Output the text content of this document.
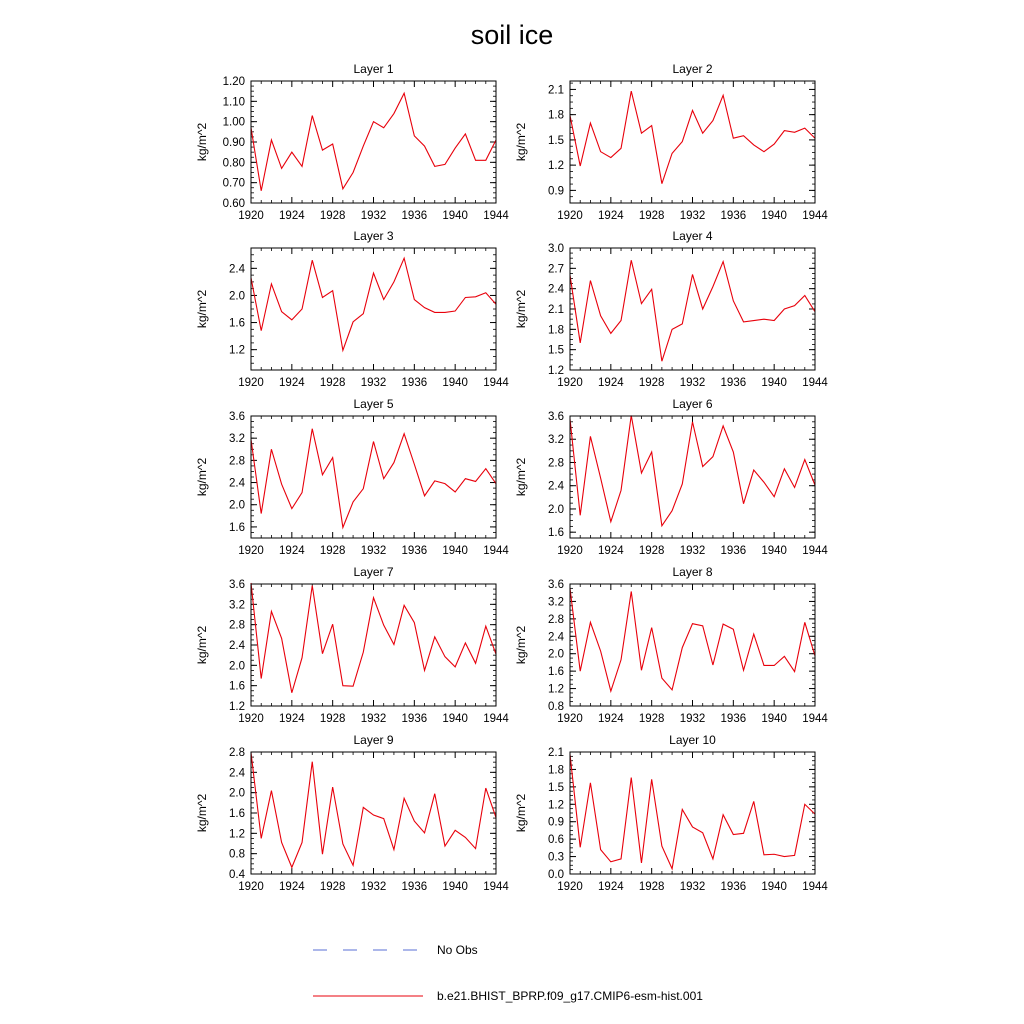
soil ice
Layer 1
1920 1924 1928 1932 1936 1940 1944
0.60
0.70
0.80
0.90
1.00
1.10
1.20
kg/m^2
Layer 2
1920 1924 1928 1932 1936 1940 1944
0.9
1.2
1.5
1.8
2.1
kg/m^2
Layer 3
1920 1924 1928 1932 1936 1940 1944
1.2
1.6
2.0
2.4
kg/m^2
Layer 4
1920 1924 1928 1932 1936 1940 1944
1.2
1.5
1.8
2.1
2.4
2.7
3.0
kg/m^2
Layer 5
1920 1924 1928 1932 1936 1940 1944
1.6
2.0
2.4
2.8
3.2
3.6
kg/m^2
Layer 6
1920 1924 1928 1932 1936 1940 1944
1.6
2.0
2.4
2.8
3.2
3.6
kg/m^2
Layer 7
1920 1924 1928 1932 1936 1940 1944
1.2
1.6
2.0
2.4
2.8
3.2
3.6
kg/m^2
Layer 8
1920 1924 1928 1932 1936 1940 1944
0.8
1.2
1.6
2.0
2.4
2.8
3.2
3.6
kg/m^2
Layer 9
1920 1924 1928 1932 1936 1940 1944
0.4
0.8
1.2
1.6
2.0
2.4
2.8
kg/m^2
Layer 10
1920 1924 1928 1932 1936 1940 1944
0.0
0.3
0.6
0.9
1.2
1.5
1.8
2.1
kg/m^2
No Obs
b.e21.BHIST_BPRP.f09_g17.CMIP6-esm-hist.001
